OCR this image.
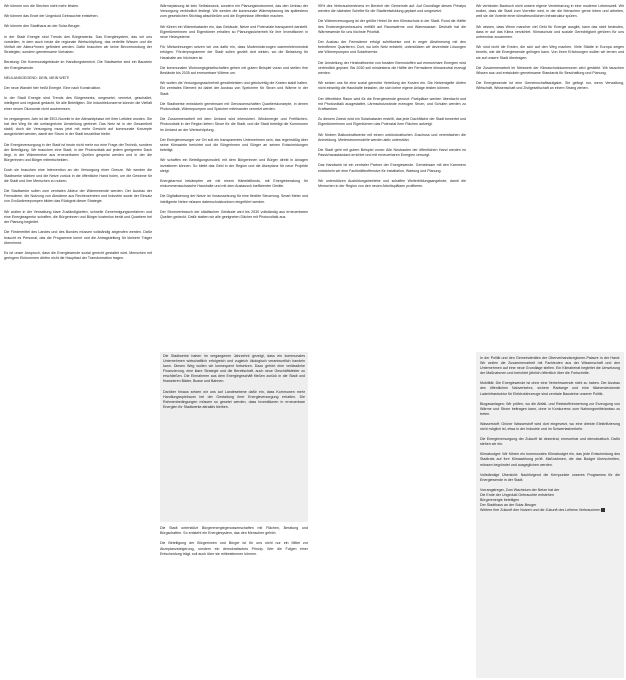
Wir können uns die Stechen nicht mehr leisten.

Wir können das Ende der Ungeduld Gebrauchte entstehen.

Wir können den Stadthaus an der Solar-Beuger.

In der Stadt Energie sind Trends des Bürgerwerks. Das Energiesystem, das wir uns vorstellen, in dem auch heute die regionale Wertschöpfung, das verteilte Wissen und die Vielfalt der Akteur*innen gefördert werden. Dafür brauchen wir keine Bevormundung der Strategien, sondern gemeinsame Vorhaben.

Beratung: Die Kommunalgebäude im Handlungsbereich. Die Stadtwerke sind ein Baustein der Energiewende.

NEULANDGEGEND: DEIN, MEIN WEIT!

Der neue Wandel hier heißt Energie. Eine nach Konstruktion.

In der Stadt Energie sind Trends des Bürgerwerks, umgesetzt, vernetzt, geschaltet, intelligent und regional gedacht, für alle Beteiligten. Die Industriekonzerne können die Vielfalt einer neuen Ökonomie nicht ausbremsen.

Im vergangenen Jahr ist die EEG-Novelle in der Altmarktphase mit ihrer Leitidee worden. Sie hat den Weg für die umfangreiche Umstellung geebnet. Das Netz ist in der Gesamtheit stabil, doch die Versorgung muss jetzt mit mehr Gewicht auf kommunale Konzepte ausgerichtet werden, damit der Strom in der Stadt bezahlbar bleibt.

Die Energieversorgung in der Stadt ist heute nicht mehr nur eine Frage der Technik, sondern der Beteiligung. Wir brauchen eine Stadt, in der Photovoltaik auf jedem geeigneten Dach liegt, in der Wärmenetze aus erneuerbaren Quellen gespeist werden und in der die Bürgerinnen und Bürger mitentscheiden.

Doch sie brauchen eine Intervention an der Versorgung einer Grenze. Wir werden die Stadtwerke stärken und die Netze zurück in die öffentliche Hand holen, um die Gewinne für die Stadt und ihre Menschen zu nutzen.

Die Stadtwerke sollen zum zentralen Akteur der Wärmewende werden. Der Ausbau der Fernwärme, die Nutzung von Abwärme aus Rechenzentren und Industrie sowie der Einsatz von Großwärmepumpen bilden das Rückgrat dieser Strategie.

Wir wollen in der Verwaltung klare Zuständigkeiten, schnelle Genehmigungsverfahren und eine Energieagentur schaffen, die Bürgerinnen und Bürger kostenlos berät und Quartiere bei der Planung begleitet.

Die Fördermittel des Landes und des Bundes müssen vollständig abgerufen werden. Dafür braucht es Personal, das die Programme kennt und die Antragstellung für kleinere Träger übernimmt.

Es ist unser Anspruch, dass die Energiewende sozial gerecht gestaltet wird. Menschen mit geringem Einkommen dürfen nicht die Hauptlast der Transformation tragen.

Wärmeplanung ist kein Selbstzweck, sondern ein Planungsinstrument, das den Umbau der Versorgung verbindlich festlegt. Wir werden die kommunale Wärmeplanung bis spätestens zum gesetzlichen Stichtag abschließen und die Ergebnisse öffentlich machen.

Wir führen ein Wärmekataster ein, das Gebäude, Netze und Potenziale transparent darstellt. Eigentümerinnen und Eigentümer erhalten so Planungssicherheit für ihre Investitionen in neue Heizsysteme.

Für Mietwohnungen setzen wir uns dafür ein, dass Modernisierungen warmmietenneutral erfolgen. Förderprogramme der Stadt sollen gezielt dort wirken, wo die Belastung für Haushalte am höchsten ist.

Die kommunalen Wohnungsgesellschaften gehen mit gutem Beispiel voran und stellen ihre Bestände bis 2035 auf erneuerbare Wärme um.

Wir wollen die Versorgungssicherheit gewährleisten und gleichzeitig die Kosten stabil halten. Ein zentrales Element ist dabei der Ausbau von Speichern für Strom und Wärme in der Stadt.

Die Stadtwerke entwickeln gemeinsam mit Genossenschaften Quartierskonzepte, in denen Photovoltaik, Wärmepumpen und Speicher miteinander vernetzt werden.

Die Zusammenarbeit mit dem Umland wird intensiviert. Windenergie und Freiflächen-Photovoltaik in der Region liefern Strom für die Stadt, und die Stadt beteiligt die Kommunen im Umland an der Wertschöpfung.

Der Energieversorger vor Ort soll ein transparentes Unternehmen sein, das regelmäßig über seine Klimaziele berichtet und die Bürgerinnen und Bürger an seinen Entscheidungen beteiligt.

Wir schaffen ein Beteiligungsmodell, mit dem Bürgerinnen und Bürger direkt in Anlagen investieren können. So bleibt das Geld in der Region und die Akzeptanz für neue Projekte steigt.

Energiearmut bekämpfen wir mit einem Härtefallfonds, mit Energieberatung für einkommensschwache Haushalte und mit dem Austausch ineffizienter Geräte.

Die Digitalisierung der Netze ist Voraussetzung für eine flexible Steuerung. Smart Meter und intelligente Netze müssen datenschutzkonform eingeführt werden.

Der Stromverbrauch der städtischen Gebäude wird bis 2030 vollständig aus erneuerbaren Quellen gedeckt. Dafür statten wir alle geeigneten Dächer mit Photovoltaik aus.

Die Stadtwerke haben im vergangenen Jahrzehnt gezeigt, dass ein kommunales Unternehmen wirtschaftlich erfolgreich und zugleich ökologisch verantwortlich handeln kann. Diesen Weg wollen wir konsequent fortsetzen. Dazu gehört eine verlässliche Finanzierung, eine klare Strategie und die Bereitschaft, auch neue Geschäftsfelder zu erschließen. Die Einnahmen aus dem Energiegeschäft fließen zurück in die Stadt und finanzieren Bäder, Busse und Bahnen.

Darüber hinaus setzen wir uns auf Landesebene dafür ein, dass Kommunen mehr Handlungsspielraum bei der Gestaltung ihrer Energieversorgung erhalten. Die Rahmenbedingungen müssen so gesetzt werden, dass Investitionen in erneuerbare Energien für Stadtwerke attraktiv bleiben.

Die Stadt unterstützt Bürgerenergiegenossenschaften mit Flächen, Beratung und Bürgschaften. So entsteht ein Energiesystem, das den Menschen gehört.

Die Beteiligung der Bürgerinnen und Bürger ist für uns nicht nur ein Mittel zur Akzeptanzsteigerung, sondern ein demokratisches Prinzip. Wer die Folgen einer Entscheidung trägt, soll auch über sie mitbestimmen können.

95% des Verbraucherstroms im Bereich der Gemeinde auf. Auf Grundlage dieses Prinzips werden die nächsten Schritte für die Stadtentwicklung geplant und umgesetzt.

Die Wärmeversorgung ist der größte Hebel für den Klimaschutz in der Stadt. Rund die Hälfte des Endenergieverbrauchs entfällt auf Raumwärme und Warmwasser. Deshalb hat die Wärmewende für uns höchste Priorität.

Der Ausbau der Fernwärme erfolgt schrittweise und in enger Abstimmung mit den betroffenen Quartieren. Dort, wo kein Netz entsteht, unterstützen wir dezentrale Lösungen wie Wärmepumpen und Solarthermie.

Die Umstellung der Heizkraftwerke von fossilen Brennstoffen auf erneuerbare Energien wird verbindlich geplant. Bis 2030 soll mindestens die Hälfte der Fernwärme klimaneutral erzeugt werden.

Wir setzen uns für eine sozial gerechte Verteilung der Kosten ein. Die Netzentgelte dürfen nicht einseitig die Haushalte belasten, die sich keine eigene Anlage leisten können.

Der öffentliche Raum wird für die Energiewende genutzt: Parkplätze werden überdacht und mit Photovoltaik ausgestattet, Lärmschutzwände erzeugen Strom, und Schulen werden zu Kraftwerken.

Zu diesem Zweck wird ein Solarkataster erstellt, das jede Dachfläche der Stadt bewertet und Eigentümerinnen und Eigentümern das Potenzial ihrer Flächen aufzeigt.

Wir fördern Balkonkraftwerke mit einem unbürokratischen Zuschuss und vereinfachen die Anmeldung. Mieterstrommodelle werden aktiv unterstützt.

Die Stadt geht mit gutem Beispiel voran: Alle Neubauten der öffentlichen Hand werden im Passivhausstandard errichtet und mit erneuerbaren Energien versorgt.

Das Handwerk ist ein zentraler Partner der Energiewende. Gemeinsam mit den Kammern entwickeln wir eine Fachkräfteoffensive für Installation, Wartung und Planung.

Wir unterstützen Ausbildungsbetriebe und schaffen Weiterbildungsangebote, damit die Menschen in der Region von den neuen Arbeitsplätzen profitieren.

Wir verbinden Baubuch nicht unsere eigene Vereinbarung in eine moderne Lebenswelt. Wir wollen, dass die Stadt zum Vorreiter wird, in der die Menschen gerne leben und arbeiten, weil sie die Vorteile einer klimafreundlichen Infrastruktur spüren.

Wir wissen, dass Wenn mancher viel Geld für Energie ausgibt, kann das nicht bedeuten, dass er auf das Klima verzichtet. Klimaschutz und soziale Gerechtigkeit gehören für uns untrennbar zusammen.

Wir sind nicht die Ersten, die sich auf den Weg machen. Viele Städte in Europa zeigen bereits, wie die Energiewende gelingen kann. Von ihren Erfahrungen wollen wir lernen und sie auf unsere Stadt übertragen.

Die Zusammenarbeit im Netzwerk der Klimaschutzkommunen wird gestärkt. Wir tauschen Wissen aus und entwickeln gemeinsame Standards für Beschaffung und Planung.

Die Energiewende ist eine Gemeinschaftsaufgabe. Sie gelingt nur, wenn Verwaltung, Wirtschaft, Wissenschaft und Zivilgesellschaft an einem Strang ziehen.

In der Politik und den Gemeinderäten der Oberverbandsregionen-Palavre in der Hand: Wir wollen die Zusammenarbeit mit Fachleuten aus der Wissenschaft und den Unternehmen auf eine neue Grundlage stellen. Ein Klimabeirat begleitet die Umsetzung der Maßnahmen und berichtet jährlich öffentlich über die Fortschritte.

Mobilität: Die Energiewende ist ohne eine Verkehrswende nicht zu haben. Der Ausbau des öffentlichen Nahverkehrs, sichere Radwege und eine flächendeckende Ladeinfrastruktur für Elektrofahrzeuge sind zentrale Bausteine unserer Politik.

Biogasanlagen: Wir prüfen, wo die Abfall- und Reststoffverwertung zur Erzeugung von Wärme und Strom beitragen kann, ohne in Konkurrenz zum Nahrungsmittelanbau zu treten.

Wasserstoff: Grüner Wasserstoff wird dort eingesetzt, wo eine direkte Elektrifizierung nicht möglich ist, etwa in der Industrie und im Schwerlastverkehr.

Die Energieversorgung der Zukunft ist dezentral, erneuerbar und demokratisch. Dafür stehen wir ein.

Klimabudget: Wir führen ein kommunales Klimabudget ein, das jede Entscheidung des Stadtrats auf ihre Klimawirkung prüft. Maßnahmen, die das Budget überschreiten, müssen begründet und ausgeglichen werden.

Vollständige Übersicht: Nachfolgend die Kernpunkte unseres Programms für die Energiewende in der Stadt.

Vorrangstreger, Zum Wachstum der Netze hat der
Die Ende der Ungeduld Gebrauchte entstehen
Bürgerenergie beteiligen
Der Stadthaus an der Solar-Beuger
Weitere ihre Zukunft den Nutzen und die Zukunft des Leihens Verbrauchern
